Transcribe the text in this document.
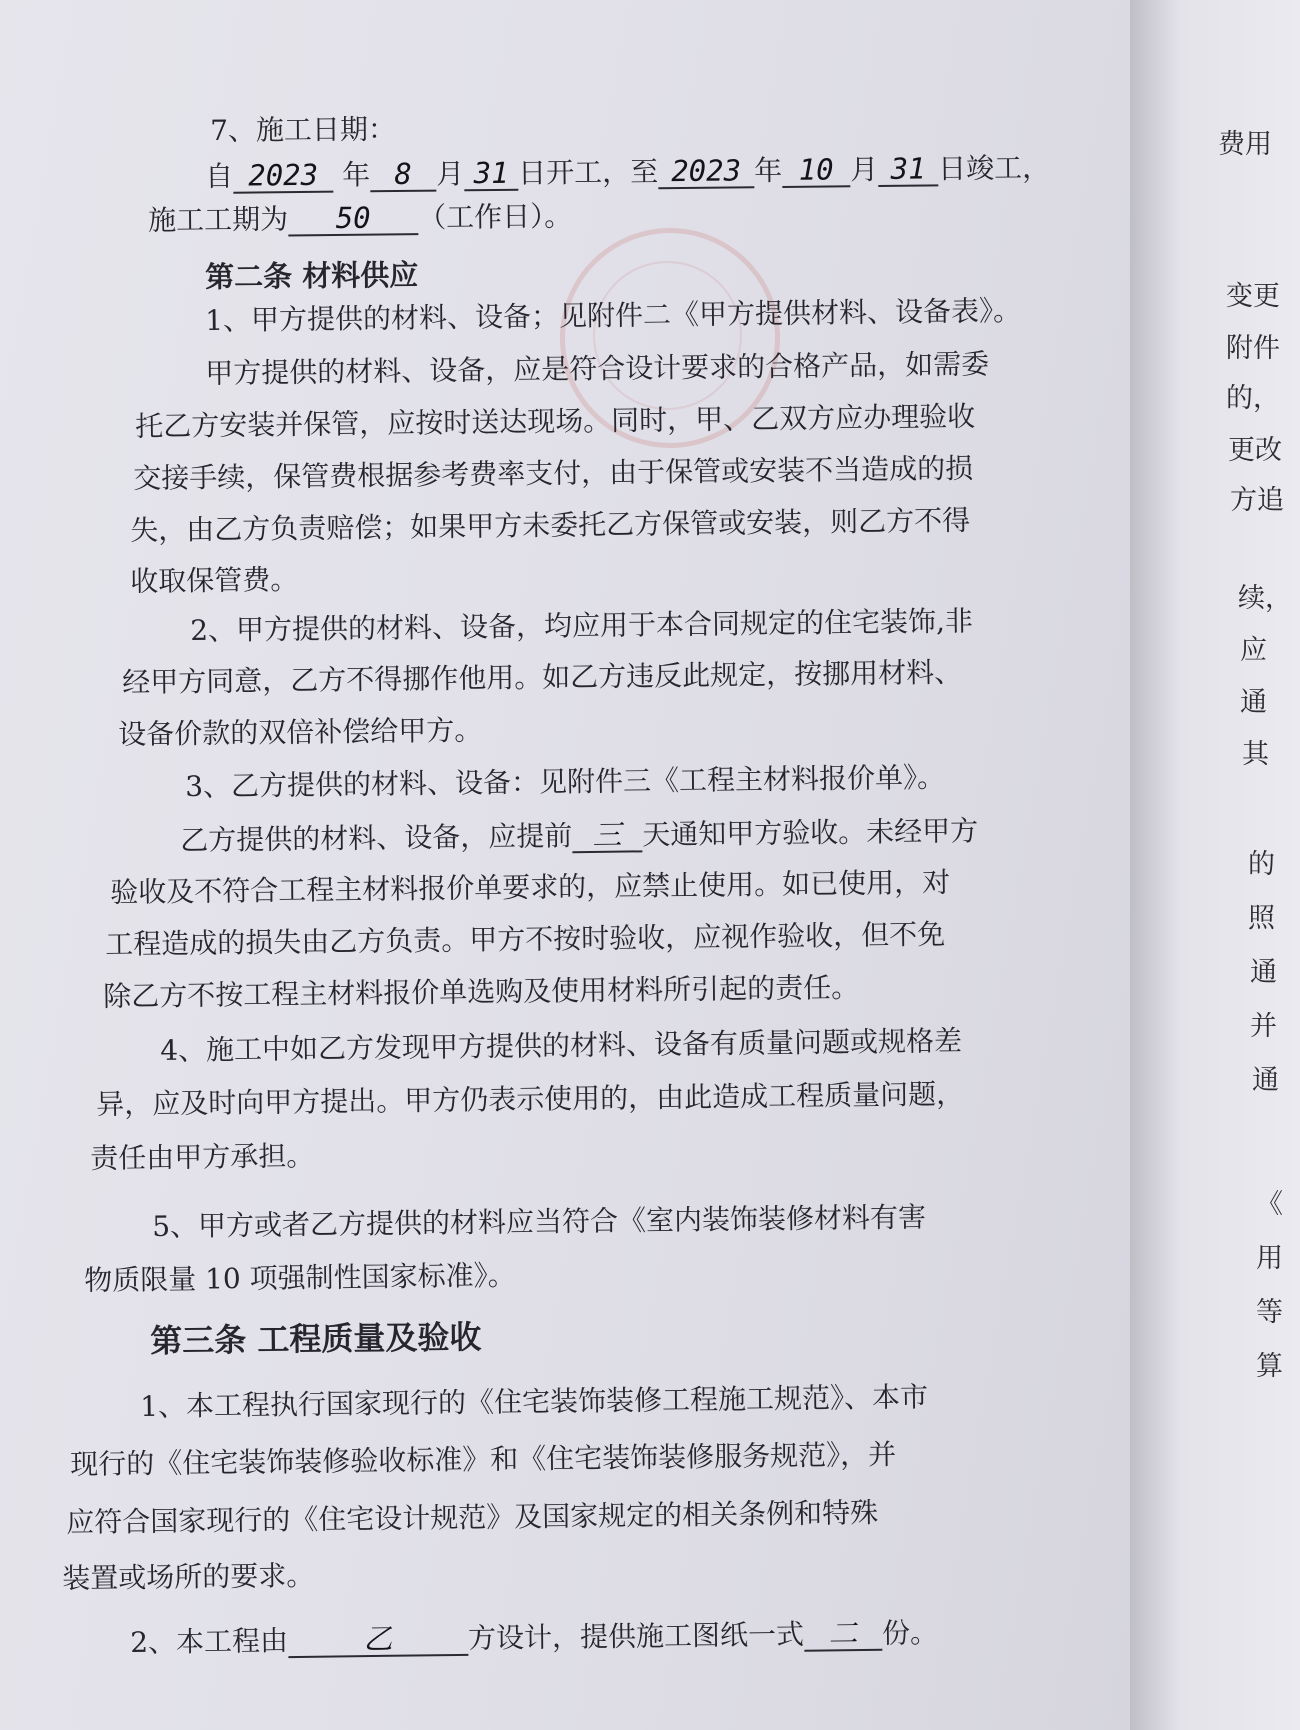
7、施工日期：
自 2023 年 8 月 31 日开工，至 2023 年 10 月 31 日竣工，
施工工期为 50 （工作日）。
第二条 材料供应
1、甲方提供的材料、设备；见附件二《甲方提供材料、设备表》。
甲方提供的材料、设备，应是符合设计要求的合格产品，如需委
托乙方安装并保管，应按时送达现场。同时，甲、乙双方应办理验收
交接手续，保管费根据参考费率支付，由于保管或安装不当造成的损
失，由乙方负责赔偿；如果甲方未委托乙方保管或安装，则乙方不得
收取保管费。
2、甲方提供的材料、设备，均应用于本合同规定的住宅装饰,非
经甲方同意，乙方不得挪作他用。如乙方违反此规定，按挪用材料、
设备价款的双倍补偿给甲方。
3、乙方提供的材料、设备：见附件三《工程主材料报价单》。
乙方提供的材料、设备，应提前 三 天通知甲方验收。未经甲方
验收及不符合工程主材料报价单要求的，应禁止使用。如已使用，对
工程造成的损失由乙方负责。甲方不按时验收，应视作验收，但不免
除乙方不按工程主材料报价单选购及使用材料所引起的责任。
4、施工中如乙方发现甲方提供的材料、设备有质量问题或规格差
异，应及时向甲方提出。甲方仍表示使用的，由此造成工程质量问题，
责任由甲方承担。
5、甲方或者乙方提供的材料应当符合《室内装饰装修材料有害
物质限量 10 项强制性国家标准》。
第三条 工程质量及验收
1、本工程执行国家现行的《住宅装饰装修工程施工规范》、本市
现行的《住宅装饰装修验收标准》和《住宅装饰装修服务规范》，并
应符合国家现行的《住宅设计规范》及国家规定的相关条例和特殊
装置或场所的要求。
2、本工程由	乙	方设计，提供施工图纸一式 二 份。
费用
变更
附件
的，
更改
方追
续，
应
通
其
的
照
通
并
通
《
用
等
算
